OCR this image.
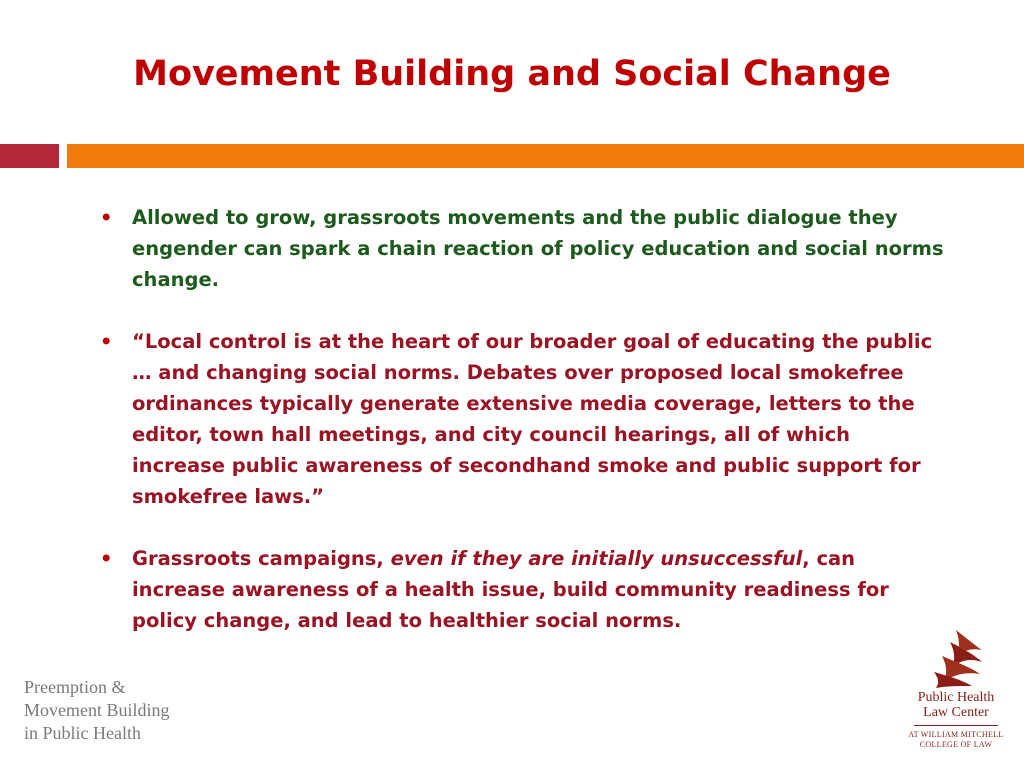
Movement Building and Social Change
• Allowed to grow, grassroots movements and the public dialogue they engender can spark a chain reaction of policy education and social norms change.
• “Local control is at the heart of our broader goal of educating the public … and changing social norms. Debates over proposed local smokefree ordinances typically generate extensive media coverage, letters to the editor, town hall meetings, and city council hearings, all of which increase public awareness of secondhand smoke and public support for smokefree laws.”
• Grassroots campaigns, even if they are initially unsuccessful, can increase awareness of a health issue, build community readiness for policy change, and lead to healthier social norms.
Preemption &
Movement Building
in Public Health
Public Health
Law Center
AT WILLIAM MITCHELL
COLLEGE OF LAW
